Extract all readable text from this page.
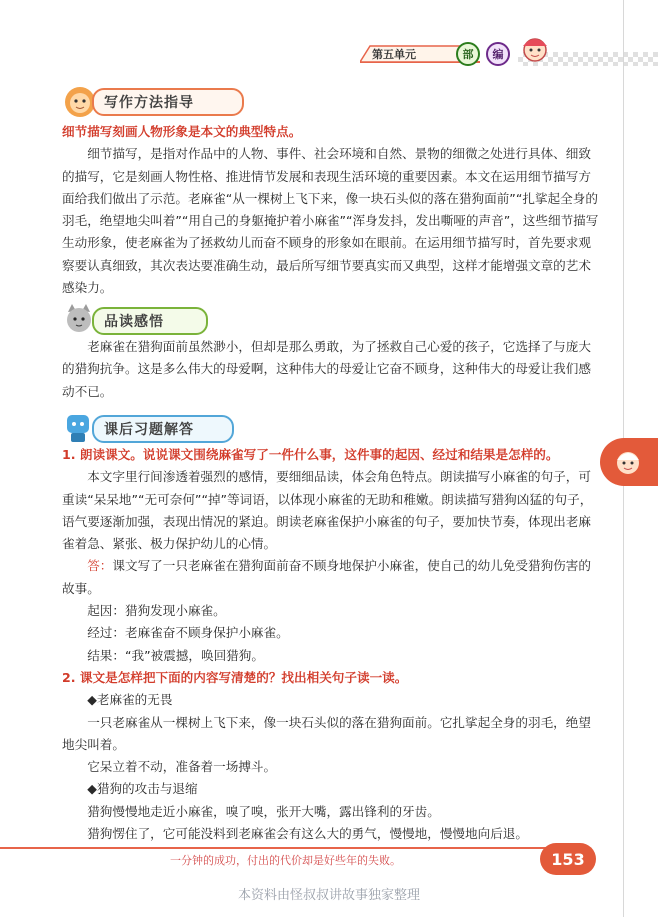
第五单元	部	编
写作方法指导

细节描写刻画人物形象是本文的典型特点。

细节描写，是指对作品中的人物、事件、社会环境和自然、景物的细微之处进行具体、细致的描写，它是刻画人物性格、推进情节发展和表现生活环境的重要因素。本文在运用细节描写方面给我们做出了示范。老麻雀“从一棵树上飞下来，像一块石头似的落在猎狗面前”“扎挲起全身的羽毛，绝望地尖叫着”“用自己的身躯掩护着小麻雀”“浑身发抖，发出嘶哑的声音”，这些细节描写生动形象，使老麻雀为了拯救幼儿而奋不顾身的形象如在眼前。在运用细节描写时，首先要求观察要认真细致，其次表达要准确生动，最后所写细节要真实而又典型，这样才能增强文章的艺术感染力。

品读感悟
老麻雀在猎狗面前虽然渺小，但却是那么勇敢，为了拯救自己心爱的孩子，它选择了与庞大的猎狗抗争。这是多么伟大的母爱啊，这种伟大的母爱让它奋不顾身，这种伟大的母爱让我们感动不已。
课后习题解答

1. 朗读课文。说说课文围绕麻雀写了一件什么事，这件事的起因、经过和结果是怎样的。

本文字里行间渗透着强烈的感情，要细细品读，体会角色特点。朗读描写小麻雀的句子，可重读“呆呆地”“无可奈何”“掉”等词语，以体现小麻雀的无助和稚嫩。朗读描写猎狗凶猛的句子，语气要逐渐加强，表现出情况的紧迫。朗读老麻雀保护小麻雀的句子，要加快节奏，体现出老麻雀着急、紧张、极力保护幼儿的心情。

答：课文写了一只老麻雀在猎狗面前奋不顾身地保护小麻雀，使自己的幼儿免受猎狗伤害的故事。

起因：猎狗发现小麻雀。

经过：老麻雀奋不顾身保护小麻雀。

结果：“我”被震撼，唤回猎狗。

2. 课文是怎样把下面的内容写清楚的？找出相关句子读一读。

◆老麻雀的无畏

一只老麻雀从一棵树上飞下来，像一块石头似的落在猎狗面前。它扎挲起全身的羽毛，绝望地尖叫着。

它呆立着不动，准备着一场搏斗。

◆猎狗的攻击与退缩

猎狗慢慢地走近小麻雀，嗅了嗅，张开大嘴，露出锋利的牙齿。

猎狗愣住了，它可能没料到老麻雀会有这么大的勇气，慢慢地，慢慢地向后退。

一分钟的成功，付出的代价却是好些年的失败。	153
本资料由怪叔叔讲故事独家整理
